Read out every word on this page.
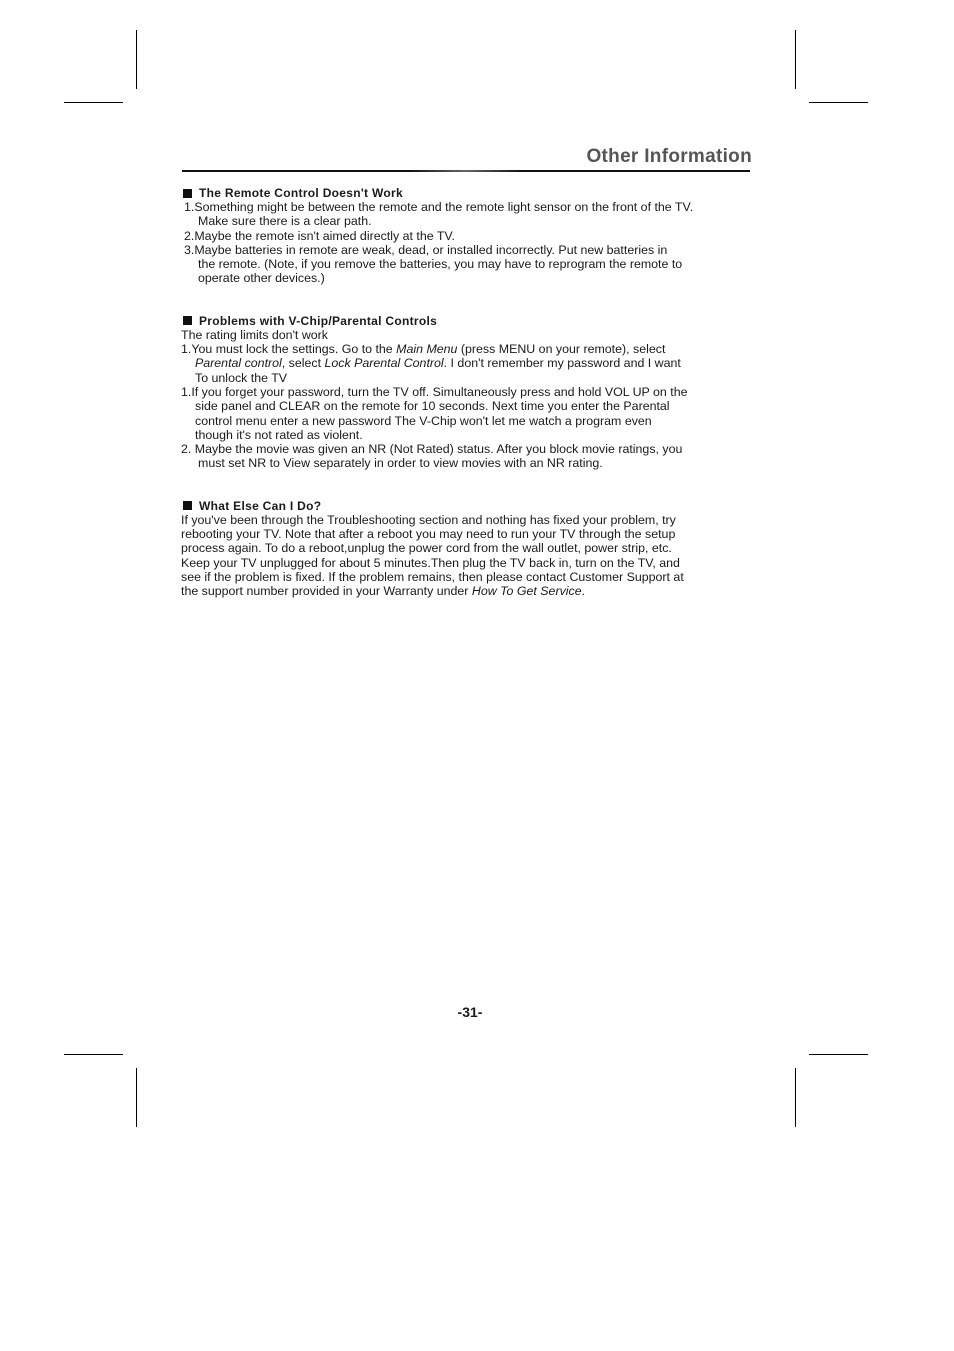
Other Information
The Remote Control Doesn't Work
1.Something might be between the remote and the remote light sensor on the front of the TV.
Make sure there is a clear path.
2.Maybe the remote isn't aimed directly at the TV.
3.Maybe batteries in remote are weak, dead, or installed incorrectly. Put new batteries in
the remote. (Note, if you remove the batteries, you may have to reprogram the remote to
operate other devices.)
Problems with V-Chip/Parental Controls
The rating limits don't work
1.You must lock the settings. Go to the Main Menu (press MENU on your remote), select
Parental control, select Lock Parental Control. I don't remember my password and I want
To unlock the TV
1.If you forget your password, turn the TV off. Simultaneously press and hold VOL UP on the
side panel and CLEAR on the remote for 10 seconds. Next time you enter the Parental
control menu enter a new password The V-Chip won't let me watch a program even
though it's not rated as violent.
2. Maybe the movie was given an NR (Not Rated) status. After you block movie ratings, you
must set NR to View separately in order to view movies with an NR rating.
What Else Can I Do?
If you've been through the Troubleshooting section and nothing has fixed your problem, try
rebooting your TV. Note that after a reboot you may need to run your TV through the setup
process again. To do a reboot,unplug the power cord from the wall outlet, power strip, etc.
Keep your TV unplugged for about 5 minutes.Then plug the TV back in, turn on the TV, and
see if the problem is fixed. If the problem remains, then please contact Customer Support at
the support number provided in your Warranty under How To Get Service.
-31-
